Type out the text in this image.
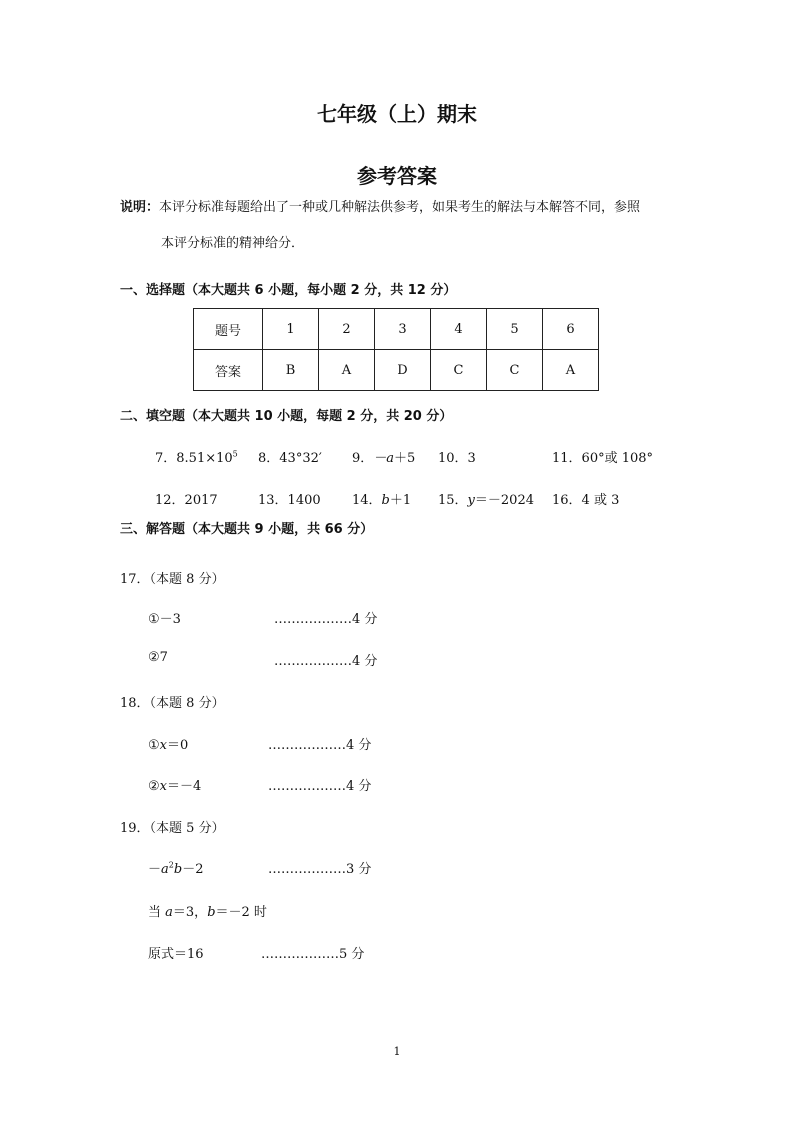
七年级（上）期末
参考答案
说明：本评分标准每题给出了一种或几种解法供参考，如果考生的解法与本解答不同，参照
本评分标准的精神给分．
一、选择题（本大题共 6 小题，每小题 2 分，共 12 分）
题号	1	2	3	4	5	6
答案	B	A	D	C	C	A
二、填空题（本大题共 10 小题，每题 2 分，共 20 分）
7．$8.51\times 10^5$ 8．43°32′ 9．－a＋5 10．3	11．60°或 108°
12．2017	13．1400 14．b＋1 15．y＝－2024 16．4 或 3
三、解答题（本大题共 9 小题，共 66 分）
17．（本题 8 分）
①－3	………………4 分
②7	………………4 分
18．（本题 8 分）
①x＝0	………………4 分
②x＝－4	………………4 分
19．（本题 5 分）
$-a^2b-2$	………………3 分
当 a＝3，b＝－2 时
原式＝16	………………5 分
1
